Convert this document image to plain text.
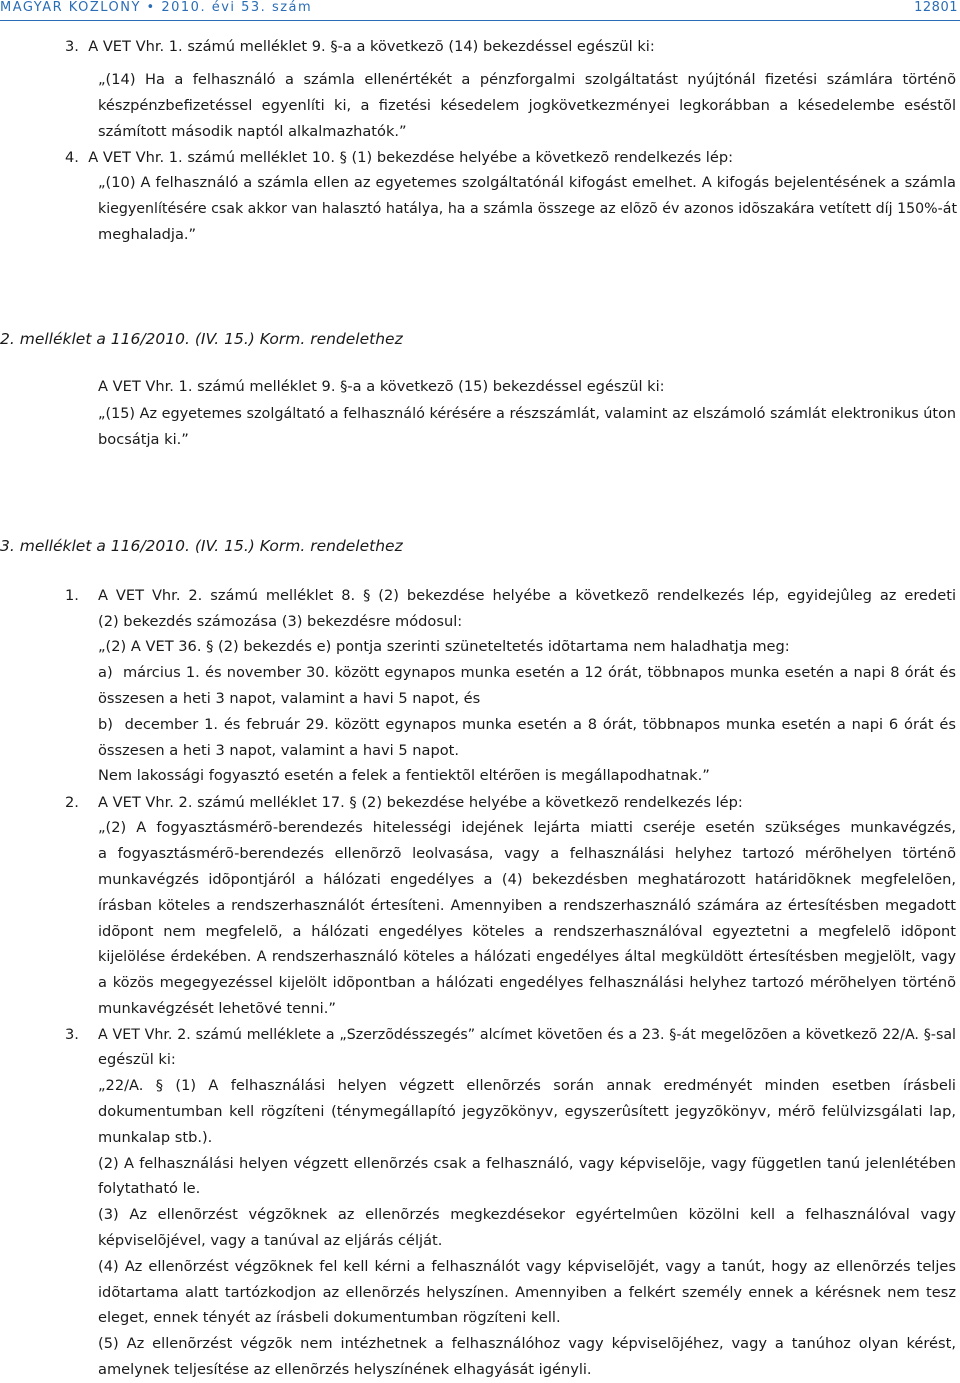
MAGYAR KÖZLÖNY • 2010. évi 53. szám	12801
3.  A VET Vhr. 1. számú melléklet 9. §-a a következõ (14) bekezdéssel egészül ki:
„(14) Ha a felhasználó a számla ellenértékét a pénzforgalmi szolgáltatást nyújtónál fizetési számlára történõ
készpénzbefizetéssel egyenlíti ki, a fizetési késedelem jogkövetkezményei legkorábban a késedelembe eséstõl
számított második naptól alkalmazhatók.”
4.  A VET Vhr. 1. számú melléklet 10. § (1) bekezdése helyébe a következõ rendelkezés lép:
„(10) A felhasználó a számla ellen az egyetemes szolgáltatónál kifogást emelhet. A kifogás bejelentésének a számla
kiegyenlítésére csak akkor van halasztó hatálya, ha a számla összege az elõzõ év azonos idõszakára vetített díj 150%-át
meghaladja.”
2. melléklet a 116/2010. (IV. 15.) Korm. rendelethez
A VET Vhr. 1. számú melléklet 9. §-a a következõ (15) bekezdéssel egészül ki:
„(15) Az egyetemes szolgáltató a felhasználó kérésére a részszámlát, valamint az elszámoló számlát elektronikus úton
bocsátja ki.”
3. melléklet a 116/2010. (IV. 15.) Korm. rendelethez
1. A VET Vhr. 2. számú melléklet 8. § (2) bekezdése helyébe a következõ rendelkezés lép, egyidejûleg az eredeti
(2) bekezdés számozása (3) bekezdésre módosul:
„(2) A VET 36. § (2) bekezdés e) pontja szerinti szüneteltetés idõtartama nem haladhatja meg:
a)  március 1. és november 30. között egynapos munka esetén a 12 órát, többnapos munka esetén a napi 8 órát és
összesen a heti 3 napot, valamint a havi 5 napot, és
b)  december 1. és február 29. között egynapos munka esetén a 8 órát, többnapos munka esetén a napi 6 órát és
összesen a heti 3 napot, valamint a havi 5 napot.
Nem lakossági fogyasztó esetén a felek a fentiektõl eltérõen is megállapodhatnak.”
2. A VET Vhr. 2. számú melléklet 17. § (2) bekezdése helyébe a következõ rendelkezés lép:
„(2) A fogyasztásmérõ-berendezés hitelességi idejének lejárta miatti cseréje esetén szükséges munkavégzés,
a fogyasztásmérõ-berendezés ellenõrzõ leolvasása, vagy a felhasználási helyhez tartozó mérõhelyen történõ
munkavégzés idõpontjáról a hálózati engedélyes a (4) bekezdésben meghatározott határidõknek megfelelõen,
írásban köteles a rendszerhasználót értesíteni. Amennyiben a rendszerhasználó számára az értesítésben megadott
idõpont nem megfelelõ, a hálózati engedélyes köteles a rendszerhasználóval egyeztetni a megfelelõ idõpont
kijelölése érdekében. A rendszerhasználó köteles a hálózati engedélyes által megküldött értesítésben megjelölt, vagy
a közös megegyezéssel kijelölt idõpontban a hálózati engedélyes felhasználási helyhez tartozó mérõhelyen történõ
munkavégzését lehetõvé tenni.”
3. A VET Vhr. 2. számú melléklete a „Szerzõdésszegés” alcímet követõen és a 23. §-át megelõzõen a következõ 22/A. §-sal
egészül ki:
„22/A. § (1) A felhasználási helyen végzett ellenõrzés során annak eredményét minden esetben írásbeli
dokumentumban kell rögzíteni (ténymegállapító jegyzõkönyv, egyszerûsített jegyzõkönyv, mérõ felülvizsgálati lap,
munkalap stb.).
(2) A felhasználási helyen végzett ellenõrzés csak a felhasználó, vagy képviselõje, vagy független tanú jelenlétében
folytatható le.
(3) Az ellenõrzést végzõknek az ellenõrzés megkezdésekor egyértelmûen közölni kell a felhasználóval vagy
képviselõjével, vagy a tanúval az eljárás célját.
(4) Az ellenõrzést végzõknek fel kell kérni a felhasználót vagy képviselõjét, vagy a tanút, hogy az ellenõrzés teljes
idõtartama alatt tartózkodjon az ellenõrzés helyszínen. Amennyiben a felkért személy ennek a kérésnek nem tesz
eleget, ennek tényét az írásbeli dokumentumban rögzíteni kell.
(5) Az ellenõrzést végzõk nem intézhetnek a felhasználóhoz vagy képviselõjéhez, vagy a tanúhoz olyan kérést,
amelynek teljesítése az ellenõrzés helyszínének elhagyását igényli.
